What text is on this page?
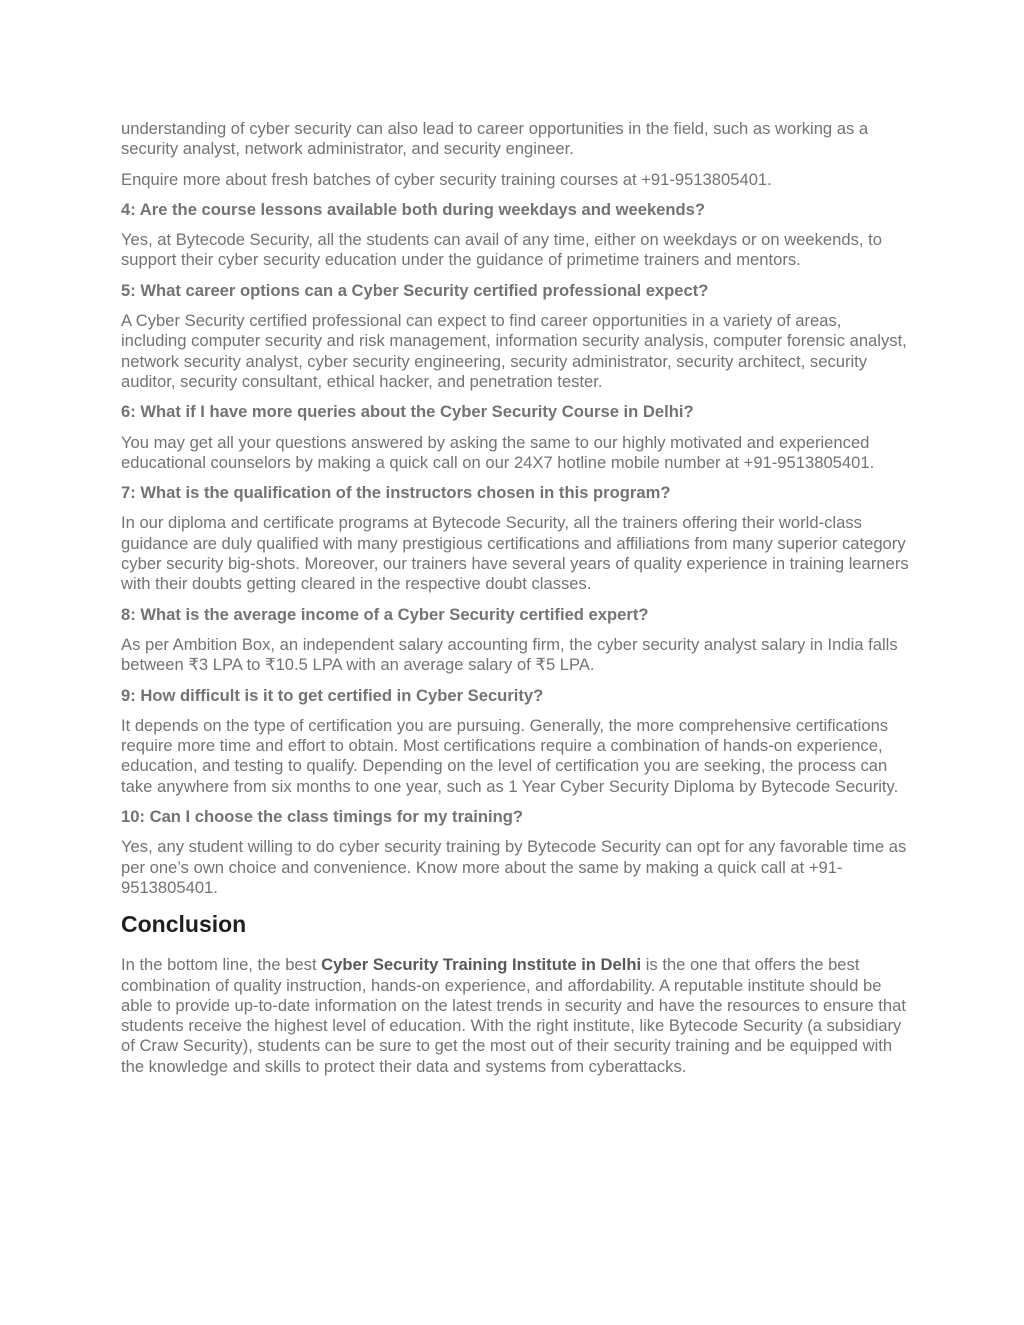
understanding of cyber security can also lead to career opportunities in the field, such as working as a security analyst, network administrator, and security engineer.

Enquire more about fresh batches of cyber security training courses at +91-9513805401.

4: Are the course lessons available both during weekdays and weekends?

Yes, at Bytecode Security, all the students can avail of any time, either on weekdays or on weekends, to support their cyber security education under the guidance of primetime trainers and mentors.

5: What career options can a Cyber Security certified professional expect?

A Cyber Security certified professional can expect to find career opportunities in a variety of areas, including computer security and risk management, information security analysis, computer forensic analyst, network security analyst, cyber security engineering, security administrator, security architect, security auditor, security consultant, ethical hacker, and penetration tester.

6: What if I have more queries about the Cyber Security Course in Delhi?

You may get all your questions answered by asking the same to our highly motivated and experienced educational counselors by making a quick call on our 24X7 hotline mobile number at +91-9513805401.

7: What is the qualification of the instructors chosen in this program?

In our diploma and certificate programs at Bytecode Security, all the trainers offering their world-class guidance are duly qualified with many prestigious certifications and affiliations from many superior category cyber security big-shots. Moreover, our trainers have several years of quality experience in training learners with their doubts getting cleared in the respective doubt classes.

8: What is the average income of a Cyber Security certified expert?

As per Ambition Box, an independent salary accounting firm, the cyber security analyst salary in India falls between ₹3 LPA to ₹10.5 LPA with an average salary of ₹5 LPA.

9: How difficult is it to get certified in Cyber Security?

It depends on the type of certification you are pursuing. Generally, the more comprehensive certifications require more time and effort to obtain. Most certifications require a combination of hands-on experience, education, and testing to qualify. Depending on the level of certification you are seeking, the process can take anywhere from six months to one year, such as 1 Year Cyber Security Diploma by Bytecode Security.

10: Can I choose the class timings for my training?

Yes, any student willing to do cyber security training by Bytecode Security can opt for any favorable time as per one’s own choice and convenience. Know more about the same by making a quick call at +91-9513805401.

Conclusion

In the bottom line, the best Cyber Security Training Institute in Delhi is the one that offers the best combination of quality instruction, hands-on experience, and affordability. A reputable institute should be able to provide up-to-date information on the latest trends in security and have the resources to ensure that students receive the highest level of education. With the right institute, like Bytecode Security (a subsidiary of Craw Security), students can be sure to get the most out of their security training and be equipped with the knowledge and skills to protect their data and systems from cyberattacks.
